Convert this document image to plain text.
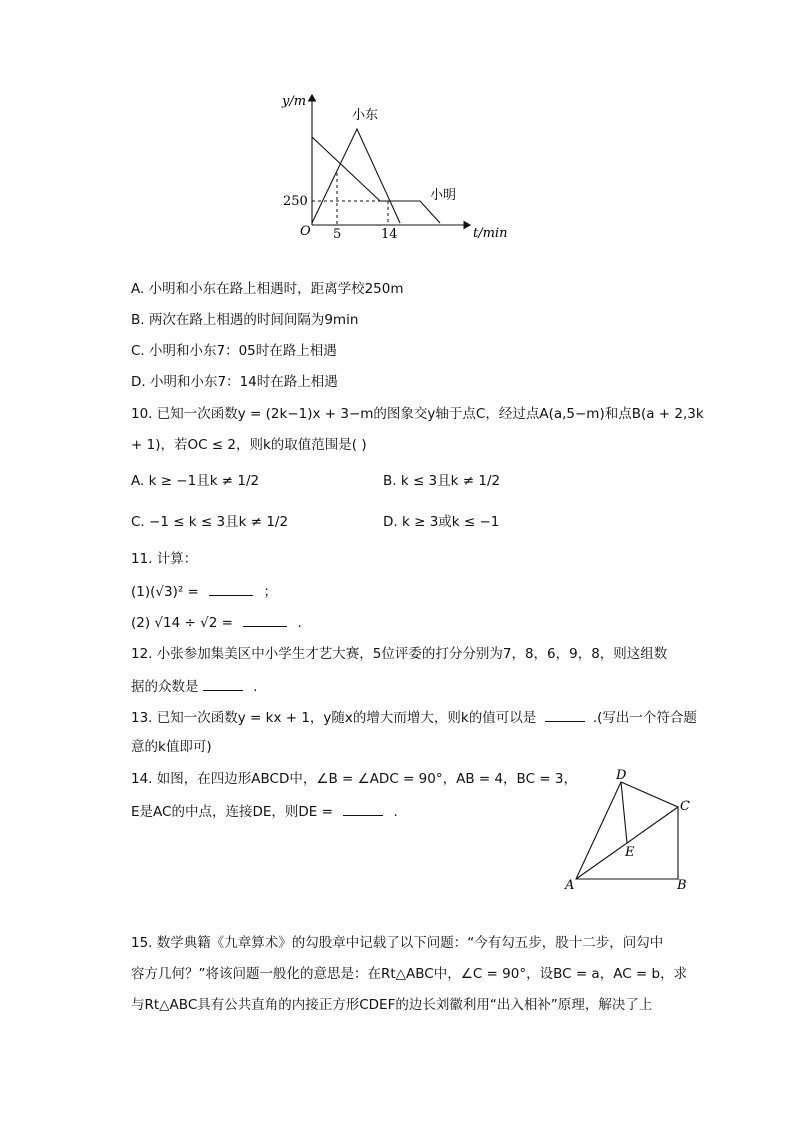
y/m
t/min
O
250
5	14
小东
小明
A. 小明和小东在路上相遇时，距离学校250m
B. 两次在路上相遇的时间间隔为9min
C. 小明和小东7：05时在路上相遇
D. 小明和小东7：14时在路上相遇
10. 已知一次函数y = (2k−1)x + 3−m的图象交y轴于点C，经过点A(a,5−m)和点B(a + 2,3k
+ 1)，若OC ≤ 2，则k的取值范围是( )
A. k ≥ −1且k ≠ 1/2	B. k ≤ 3且k ≠ 1/2
C. −1 ≤ k ≤ 3且k ≠ 1/2	D. k ≥ 3或k ≤ −1
11. 计算：
(1)(√3)² =	；
(2) √14 ÷ √2 =	.
12. 小张参加集美区中小学生才艺大赛，5位评委的打分分别为7，8，6，9，8，则这组数
据的众数是	.
13. 已知一次函数y = kx + 1，y随x的增大而增大，则k的值可以是	.(写出一个符合题
意的k值即可)
14. 如图，在四边形ABCD中，∠B = ∠ADC = 90°，AB = 4，BC = 3，
E是AC的中点，连接DE，则DE =	.
A	B
C
D
E
15. 数学典籍《九章算术》的勾股章中记载了以下问题：“今有勾五步，股十二步，问勾中
容方几何？”将该问题一般化的意思是：在Rt△ABC中，∠C = 90°，设BC = a，AC = b，求
与Rt△ABC具有公共直角的内接正方形CDEF的边长刘徽利用“出入相补”原理，解决了上
